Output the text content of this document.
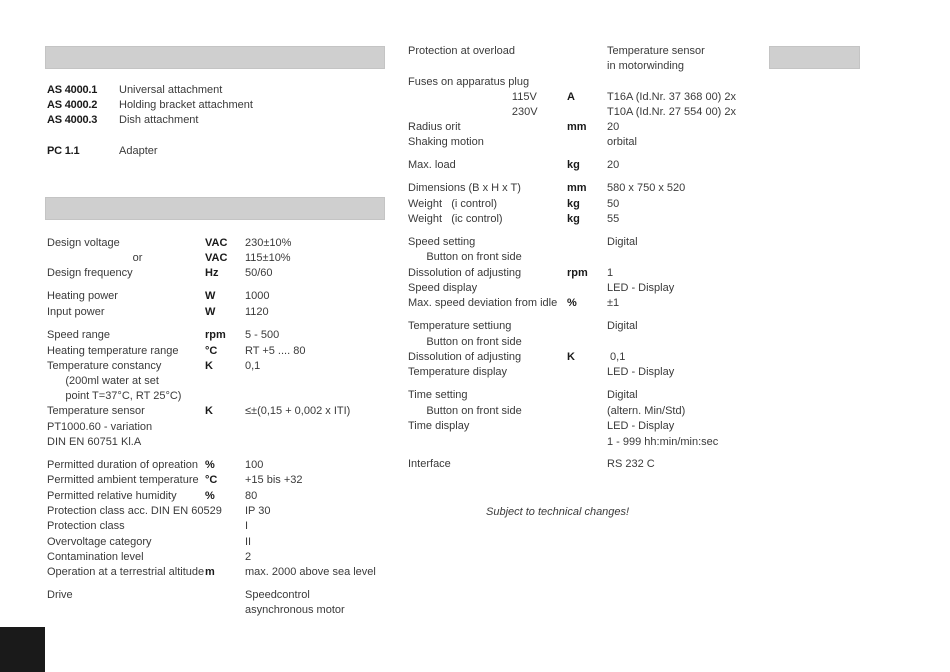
AS 4000.1 Universal attachment
AS 4000.2 Holding bracket attachment
AS 4000.3 Dish attachment
PC 1.1	Adapter
Design voltage	VAC 230±10%
or	VAC 115±10%
Design frequency	Hz 50/60
Heating power	W	1000
Input power	W	1120
Speed range	rpm 5 - 500
Heating temperature range °C	RT +5 .... 80
Temperature constancy	K	0,1
(200ml water at set
point T=37°C, RT 25°C)
Temperature sensor	K	≤±(0,15 + 0,002 x ITI)
PT1000.60 - variation
DIN EN 60751 Kl.A
Permitted duration of opreation %	100
Permitted ambient temperature °C	+15 bis +32
Permitted relative humidity	%	80
Protection class acc. DIN EN 60529 IP 30
Protection class	I
Overvoltage category	II
Contamination level	2
Operation at a terrestrial altitude m	max. 2000 above sea level
Drive	Speedcontrol
asynchronous motor
Protection at overload	Temperature sensor
in motorwinding
Fuses on apparatus plug
115V	A	T16A (Id.Nr. 37 368 00) 2x
230V	T10A (Id.Nr. 27 554 00) 2x
Radius orit	mm 20
Shaking motion	orbital
Max. load	kg 20
Dimensions (B x H x T)	mm 580 x 750 x 520
Weight   (i control)	kg 50
Weight   (ic control)	kg 55
Speed setting	Digital
Button on front side
Dissolution of adjusting	rpm 1
Speed display	LED - Display
Max. speed deviation from idle %	±1
Temperature settiung	Digital
Button on front side
Dissolution of adjusting	K	0,1
Temperature display	LED - Display
Time setting	Digital
Button on front side	(altern. Min/Std)
Time display	LED - Display
1 - 999 hh:min/min:sec
Interface	RS 232 C
Subject to technical changes!
